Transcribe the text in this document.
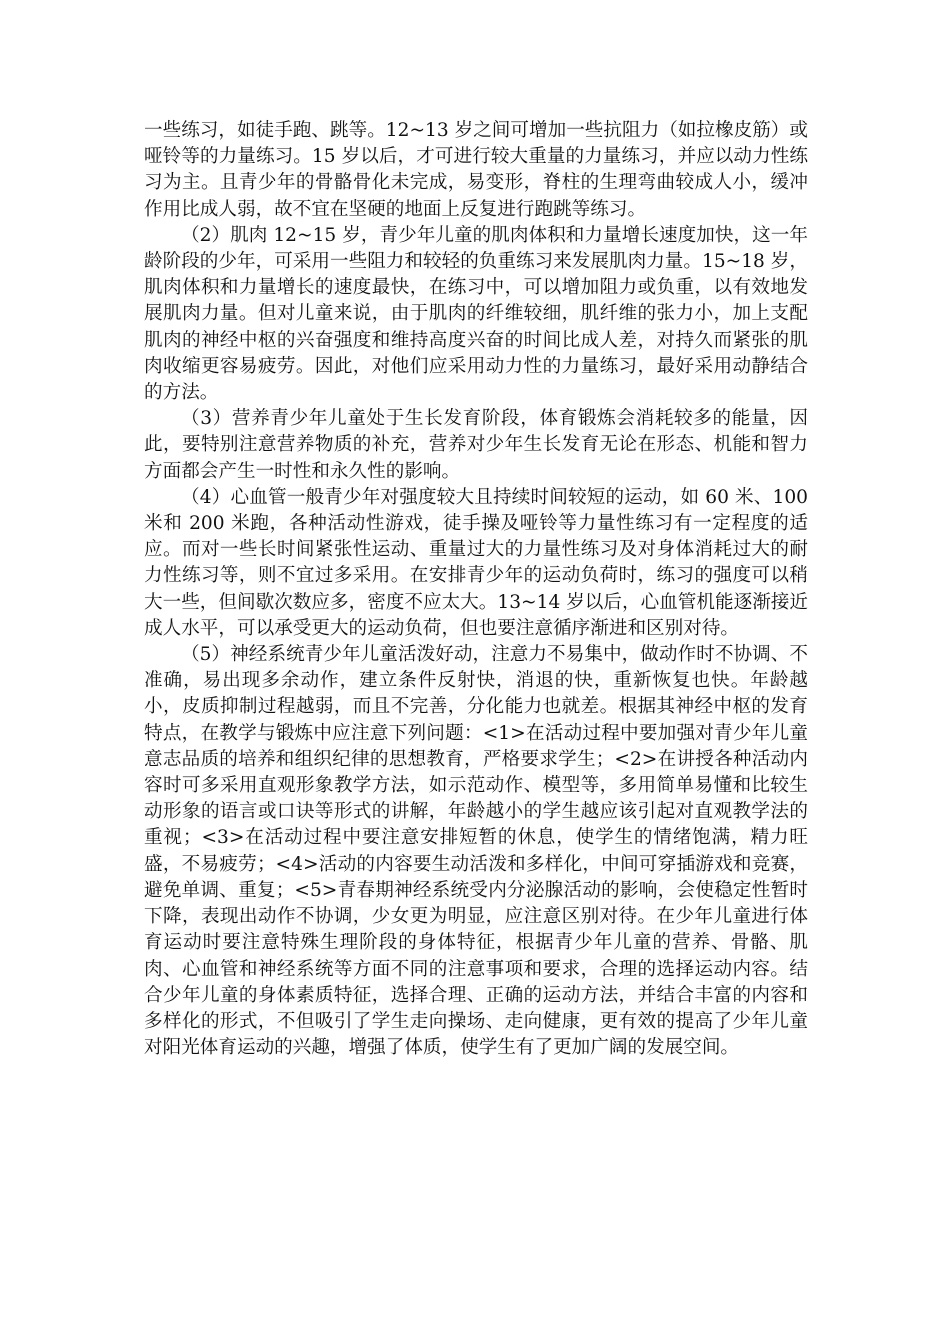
一些练习，如徒手跑、跳等。12~13 岁之间可增加一些抗阻力（如拉橡皮筋）或哑铃等的力量练习。15 岁以后，才可进行较大重量的力量练习，并应以动力性练习为主。且青少年的骨骼骨化未完成，易变形，脊柱的生理弯曲较成人小，缓冲作用比成人弱，故不宜在坚硬的地面上反复进行跑跳等练习。

（2）肌肉 12~15 岁，青少年儿童的肌肉体积和力量增长速度加快，这一年龄阶段的少年，可采用一些阻力和较轻的负重练习来发展肌肉力量。15~18 岁，肌肉体积和力量增长的速度最快，在练习中，可以增加阻力或负重，以有效地发展肌肉力量。但对儿童来说，由于肌肉的纤维较细，肌纤维的张力小，加上支配肌肉的神经中枢的兴奋强度和维持高度兴奋的时间比成人差，对持久而紧张的肌肉收缩更容易疲劳。因此，对他们应采用动力性的力量练习，最好采用动静结合的方法。

（3）营养青少年儿童处于生长发育阶段，体育锻炼会消耗较多的能量，因此，要特别注意营养物质的补充，营养对少年生长发育无论在形态、机能和智力方面都会产生一时性和永久性的影响。

（4）心血管一般青少年对强度较大且持续时间较短的运动，如 60 米、100 米和 200 米跑，各种活动性游戏，徒手操及哑铃等力量性练习有一定程度的适应。而对一些长时间紧张性运动、重量过大的力量性练习及对身体消耗过大的耐力性练习等，则不宜过多采用。在安排青少年的运动负荷时，练习的强度可以稍大一些，但间歇次数应多，密度不应太大。13~14 岁以后，心血管机能逐渐接近成人水平，可以承受更大的运动负荷，但也要注意循序渐进和区别对待。

（5）神经系统青少年儿童活泼好动，注意力不易集中，做动作时不协调、不准确，易出现多余动作，建立条件反射快，消退的快，重新恢复也快。年龄越小，皮质抑制过程越弱，而且不完善，分化能力也就差。根据其神经中枢的发育特点，在教学与锻炼中应注意下列问题：<1>在活动过程中要加强对青少年儿童意志品质的培养和组织纪律的思想教育，严格要求学生；<2>在讲授各种活动内容时可多采用直观形象教学方法，如示范动作、模型等，多用简单易懂和比较生动形象的语言或口诀等形式的讲解，年龄越小的学生越应该引起对直观教学法的重视；<3>在活动过程中要注意安排短暂的休息，使学生的情绪饱满，精力旺盛，不易疲劳；<4>活动的内容要生动活泼和多样化，中间可穿插游戏和竞赛，避免单调、重复；<5>青春期神经系统受内分泌腺活动的影响，会使稳定性暂时下降，表现出动作不协调，少女更为明显，应注意区别对待。在少年儿童进行体育运动时要注意特殊生理阶段的身体特征，根据青少年儿童的营养、骨骼、肌肉、心血管和神经系统等方面不同的注意事项和要求，合理的选择运动内容。结合少年儿童的身体素质特征，选择合理、正确的运动方法，并结合丰富的内容和多样化的形式，不但吸引了学生走向操场、走向健康，更有效的提高了少年儿童对阳光体育运动的兴趣，增强了体质，使学生有了更加广阔的发展空间。
